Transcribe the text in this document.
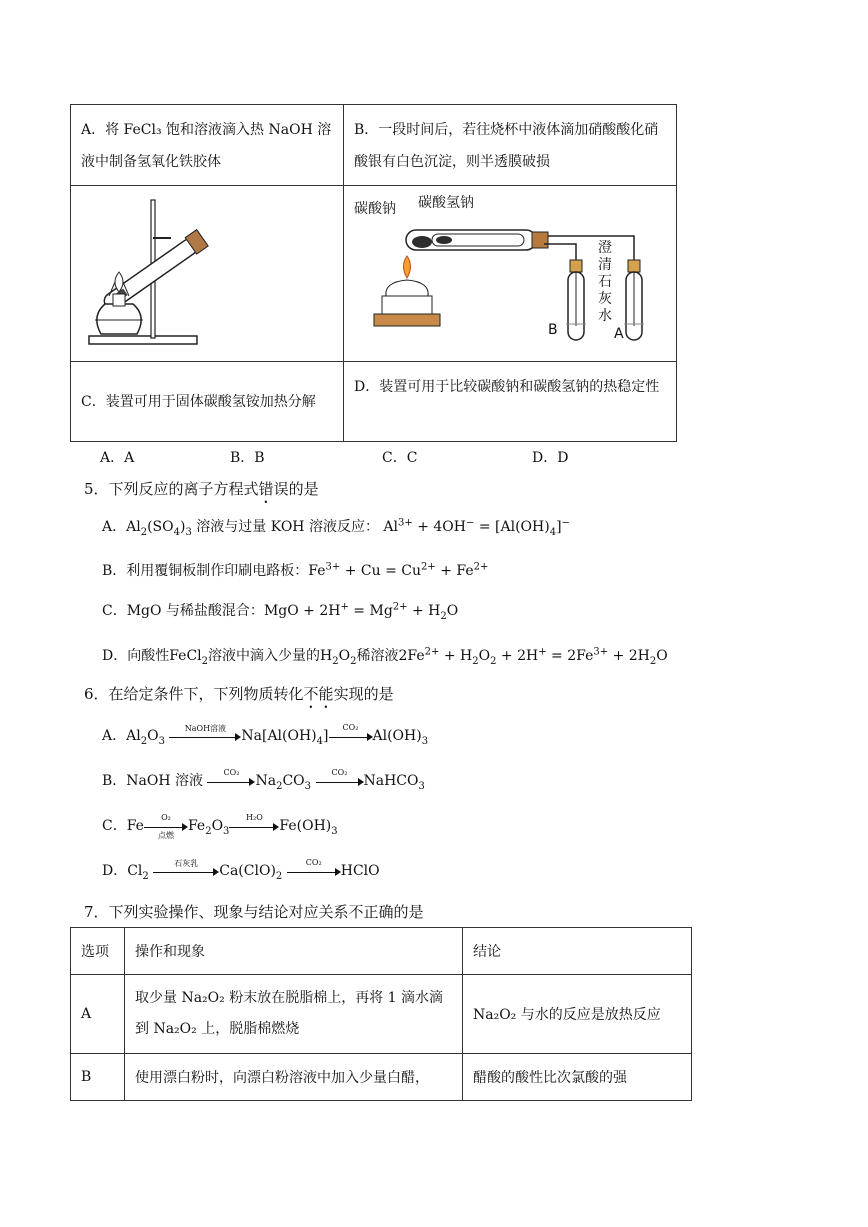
A．将 FeCl₃ 饱和溶液滴入热 NaOH 溶液中制备氢氧化铁胶体	B．一段时间后，若往烧杯中液体滴加硝酸酸化硝酸银有白色沉淀，则半透膜破损

碳酸钠 碳酸氢钠
澄清石灰水
B A

C．装置可用于固体碳酸氢铵加热分解	D．装置可用于比较碳酸钠和碳酸氢钠的热稳定性
A．A	B．B	C．C	D．D
5．下列反应的离子方程式错误的是
A．$Al_2(SO_4)_3$ 溶液与过量 KOH 溶液反应： $Al^{3+} + 4OH^- = [Al(OH)_4]^-$
B．利用覆铜板制作印刷电路板：$Fe^{3+} + Cu = Cu^{2+} + Fe^{2+}$
C．MgO 与稀盐酸混合：MgO + $2H^+ = Mg^{2+} + H_2O$
D．向酸性FeCl$_2$溶液中滴入少量的$H_2O_2$稀溶液$2Fe^{2+} + H_2O_2 + 2H^+ = 2Fe^{3+} + 2H_2O$
6．在给定条件下，下列物质转化不能实现的是
A．$Al_2O_3$
NaOH溶液	$Na[Al(OH)_4]$
CO₂
$Al(OH)_3$
B．NaOH 溶液
CO₂
$Na_2CO_3$
CO₂
NaHCO$_3$
C．Fe
O₂
点燃
$Fe_2O_3$
H₂O
$Fe(OH)_3$
D．$Cl_2$
石灰乳	$Ca(ClO)_2$
CO₂
HClO
7．下列实验操作、现象与结论对应关系不正确的是
选项	操作和现象	结论
A	取少量 Na₂O₂ 粉末放在脱脂棉上，再将 1 滴水滴到 Na₂O₂ 上，脱脂棉燃烧	Na₂O₂ 与水的反应是放热反应
B	使用漂白粉时，向漂白粉溶液中加入少量白醋，	醋酸的酸性比次氯酸的强
